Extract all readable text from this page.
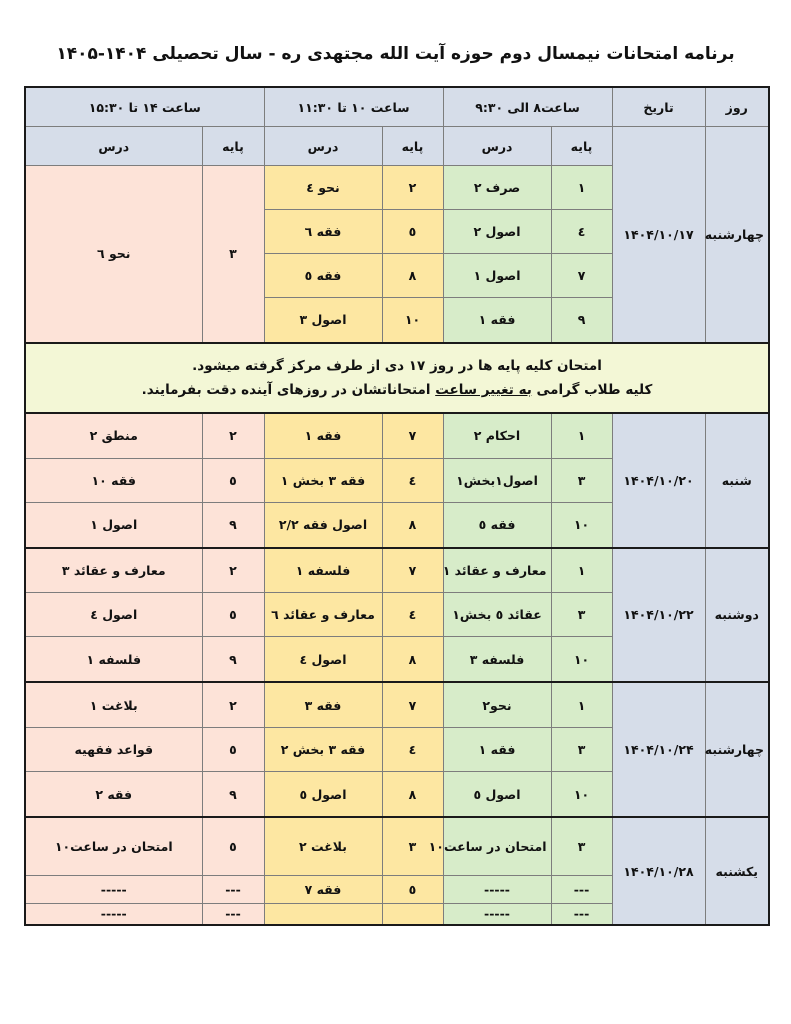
برنامه امتحانات نیمسال دوم حوزه آیت الله مجتهدی ره - سال تحصیلی ۱۴۰۴-۱۴۰۵
روز	تاریخ	ساعت۸ الی ۹:۳۰		ساعت ۱۰ تا ۱۱:۳۰		ساعت ۱۴ تا ۱۵:۳۰	
چهارشنبه	۱۴۰۴/۱۰/۱۷	پایه	درس	پایه	درس	پایه	درس
		۱	صرف ۲	۲	نحو ٤	۳	نحو ٦
		٤	اصول ۲	٥	فقه ٦		
		۷	اصول ۱	۸	فقه ٥		
		۹	فقه ۱	۱۰	اصول ۳		

امتحان کلیه پایه ها در روز ۱۷ دی از طرف مرکز گرفته میشود.
کلیه طلاب گرامی به تغییر ساعت امتحاناتشان در روزهای آینده دقت بفرمایند.							

شنبه	۱۴۰۴/۱۰/۲۰	۱	احکام ۲	۷	فقه ۱	۲	منطق ۲
		۳	اصول۱بخش۱	٤	فقه ۳ بخش ۱	٥	فقه ۱۰
		۱۰	فقه ٥	۸	اصول فقه ۲/۲	۹	اصول ۱
دوشنبه	۱۴۰۴/۱۰/۲۲	۱	معارف و عقائد ۱	۷	فلسفه ۱	۲	معارف و عقائد ۳
		۳	عقائد ٥ بخش۱	٤	معارف و عقائد ٦	٥	اصول ٤
		۱۰	فلسفه ۳	۸	اصول ٤	۹	فلسفه ۱
چهارشنبه	۱۴۰۴/۱۰/۲۴	۱	نحو۲	۷	فقه ۳	۲	بلاغت ۱
		۳	فقه ۱	٤	فقه ۳ بخش ۲	٥	قواعد فقهیه
		۱۰	اصول ٥	۸	اصول ٥	۹	فقه ۲
یکشنبه	۱۴۰۴/۱۰/۲۸	۳	امتحان در ساعت۱۰	۳	بلاغت ۲	٥	امتحان در ساعت۱۰
		---	-----	٥	فقه ۷	---	-----
		---	-----			---	-----
